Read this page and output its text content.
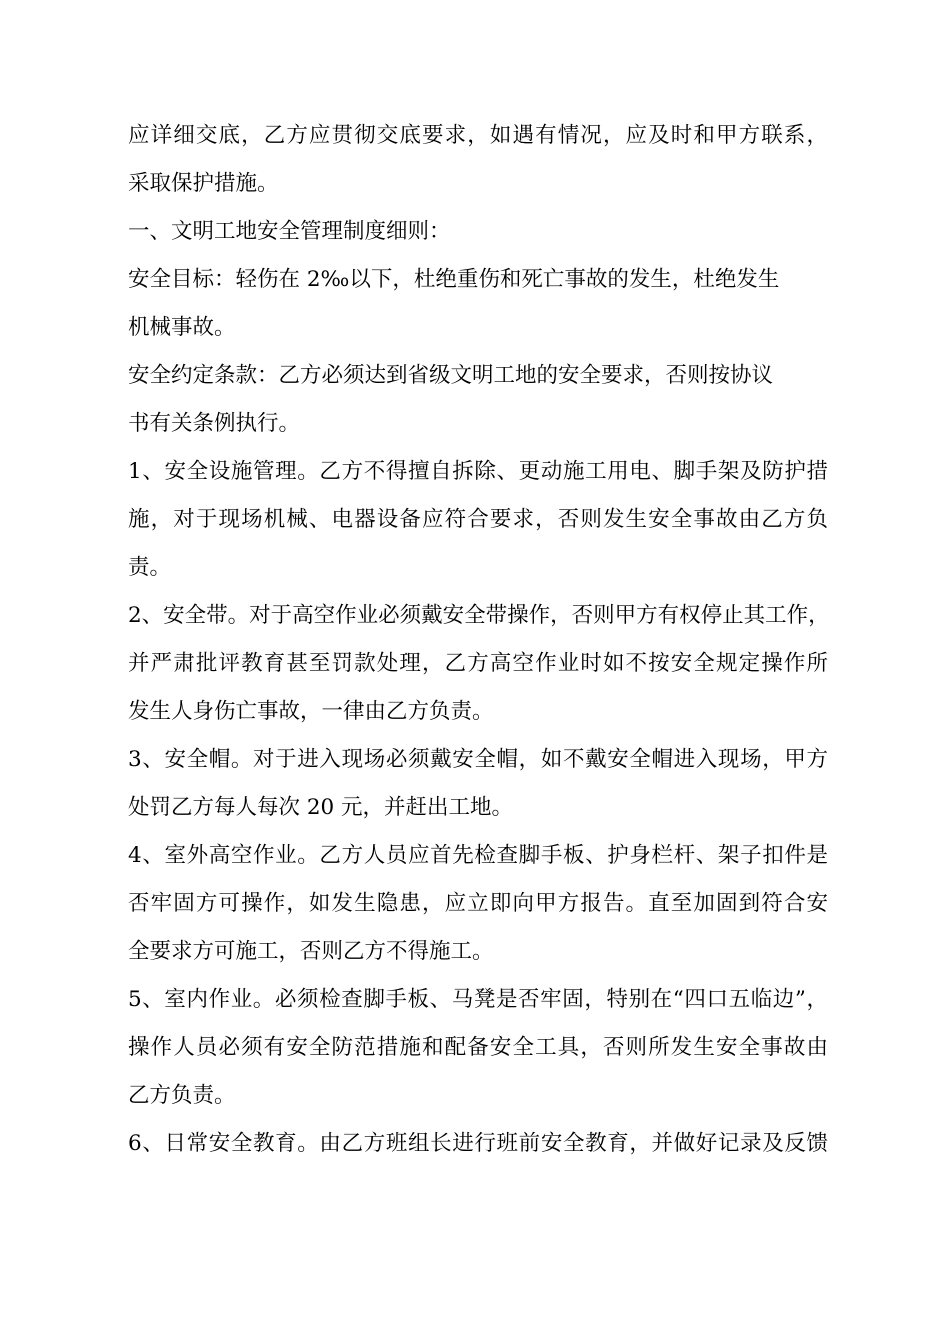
应详细交底，乙方应贯彻交底要求，如遇有情况，应及时和甲方联系，
采取保护措施。
一、文明工地安全管理制度细则：
安全目标：轻伤在 2‰以下，杜绝重伤和死亡事故的发生，杜绝发生
机械事故。
安全约定条款：乙方必须达到省级文明工地的安全要求，否则按协议
书有关条例执行。
1、安全设施管理。乙方不得擅自拆除、更动施工用电、脚手架及防护措
施，对于现场机械、电器设备应符合要求，否则发生安全事故由乙方负
责。
2、安全带。对于高空作业必须戴安全带操作，否则甲方有权停止其工作，
并严肃批评教育甚至罚款处理，乙方高空作业时如不按安全规定操作所
发生人身伤亡事故，一律由乙方负责。
3、安全帽。对于进入现场必须戴安全帽，如不戴安全帽进入现场，甲方
处罚乙方每人每次 20 元，并赶出工地。
4、室外高空作业。乙方人员应首先检查脚手板、护身栏杆、架子扣件是
否牢固方可操作，如发生隐患，应立即向甲方报告。直至加固到符合安
全要求方可施工，否则乙方不得施工。
5、室内作业。必须检查脚手板、马凳是否牢固，特别在“四口五临边”，
操作人员必须有安全防范措施和配备安全工具，否则所发生安全事故由
乙方负责。
6、日常安全教育。由乙方班组长进行班前安全教育，并做好记录及反馈
